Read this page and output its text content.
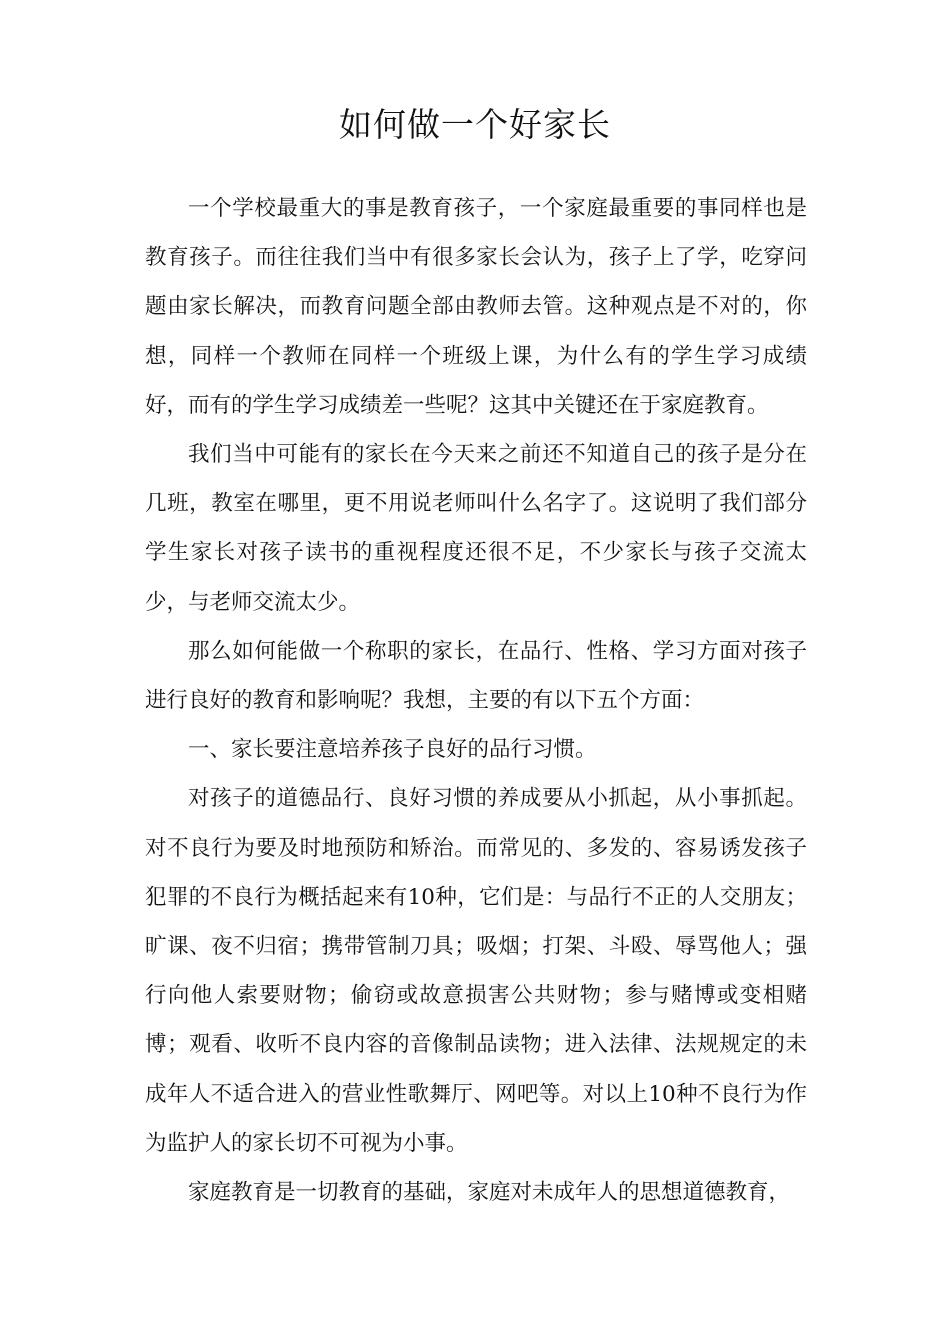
如何做一个好家长

一个学校最重大的事是教育孩子，一个家庭最重要的事同样也是教育孩子。而往往我们当中有很多家长会认为，孩子上了学，吃穿问题由家长解决，而教育问题全部由教师去管。这种观点是不对的，你想，同样一个教师在同样一个班级上课，为什么有的学生学习成绩好，而有的学生学习成绩差一些呢？这其中关键还在于家庭教育。

我们当中可能有的家长在今天来之前还不知道自己的孩子是分在几班，教室在哪里，更不用说老师叫什么名字了。这说明了我们部分学生家长对孩子读书的重视程度还很不足，不少家长与孩子交流太少，与老师交流太少。

那么如何能做一个称职的家长，在品行、性格、学习方面对孩子进行良好的教育和影响呢？我想，主要的有以下五个方面：

一、家长要注意培养孩子良好的品行习惯。

对孩子的道德品行、良好习惯的养成要从小抓起，从小事抓起。对不良行为要及时地预防和矫治。而常见的、多发的、容易诱发孩子犯罪的不良行为概括起来有10种，它们是：与品行不正的人交朋友；旷课、夜不归宿；携带管制刀具；吸烟；打架、斗殴、辱骂他人；强行向他人索要财物；偷窃或故意损害公共财物；参与赌博或变相赌博；观看、收听不良内容的音像制品读物；进入法律、法规规定的未成年人不适合进入的营业性歌舞厅、网吧等。对以上10种不良行为作为监护人的家长切不可视为小事。

家庭教育是一切教育的基础，家庭对未成年人的思想道德教育，
